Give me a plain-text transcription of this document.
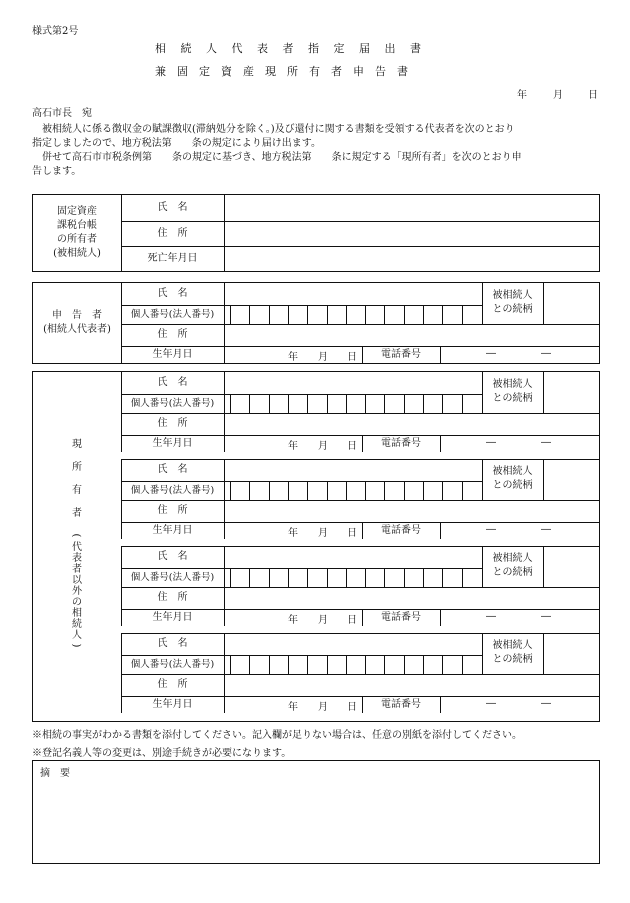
様式第2号
相続人代表者指定届出書
兼固定資産現所有者申告書
年	月	日
高石市長　宛
被相続人に係る徴収金の賦課徴収(滞納処分を除く。)及び還付に関する書類を受領する代表者を次のとおり
指定しましたので、地方税法第　　条の規定により届け出ます。
併せて高石市市税条例第　　条の規定に基づき、地方税法第　　条に規定する「現所有者」を次のとおり申
告します。
固定資産
課税台帳
の所有者
(被相続人)
氏　名
住　所
死亡年月日
申　告　者
(相続人代表者)
氏　名
個人番号(法人番号)
被相続人
との続柄
住　所
生年月日	年 月 日	電話番号	―	―
現
所
有
者
(
代
表
者
以
外
の
相
続
人
)
氏　名
個人番号(法人番号)
被相続人
との続柄
住　所
生年月日	年 月 日	電話番号	―	―
氏　名
個人番号(法人番号)
被相続人
との続柄
住　所
生年月日	年 月 日	電話番号	―	―
氏　名
個人番号(法人番号)
被相続人
との続柄
住　所
生年月日	年 月 日	電話番号	―	―
氏　名
個人番号(法人番号)
被相続人
との続柄
住　所
生年月日	年 月 日	電話番号	―	―
※相続の事実がわかる書類を添付してください。記入欄が足りない場合は、任意の別紙を添付してください。
※登記名義人等の変更は、別途手続きが必要になります。
摘　要
